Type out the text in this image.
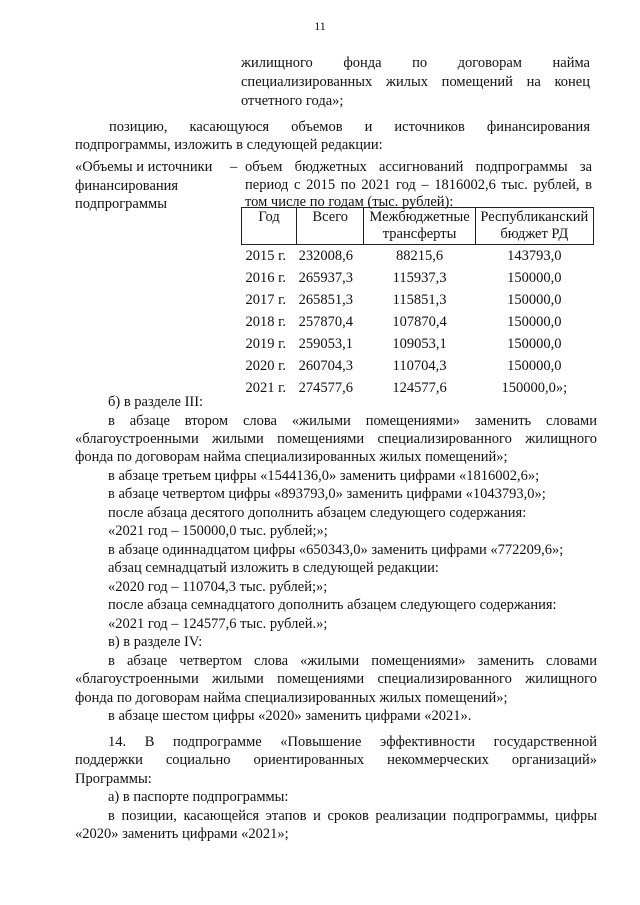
11

жилищного фонда по договорам найма

специализированных жилых помещений на конец

отчетного года»;

позицию, касающуюся объемов и источников финансирования

подпрограммы, изложить в следующей редакции:

«Объемы и источники

финансирования

подпрограммы

– объем бюджетных ассигнований подпрограммы за

период с 2015 по 2021 год – 1816002,6 тыс. рублей, в

том числе по годам (тыс. рублей):

Год	Всего	Межбюджетные трансферты	Республиканский бюджет РД
2015 г.	232008,6	88215,6	143793,0
2016 г.	265937,3	115937,3	150000,0
2017 г.	265851,3	115851,3	150000,0
2018 г.	257870,4	107870,4	150000,0
2019 г.	259053,1	109053,1	150000,0
2020 г.	260704,3	110704,3	150000,0
2021 г.	274577,6	124577,6	150000,0»;

б) в разделе III:

в абзаце втором слова «жилыми помещениями» заменить словами

«благоустроенными жилыми помещениями специализированного жилищного

фонда по договорам найма специализированных жилых помещений»;

в абзаце третьем цифры «1544136,0» заменить цифрами «1816002,6»;

в абзаце четвертом цифры «893793,0» заменить цифрами «1043793,0»;

после абзаца десятого дополнить абзацем следующего содержания:

«2021 год – 150000,0 тыс. рублей;»;

в абзаце одиннадцатом цифры «650343,0» заменить цифрами «772209,6»;

абзац семнадцатый изложить в следующей редакции:

«2020 год – 110704,3 тыс. рублей;»;

после абзаца семнадцатого дополнить абзацем следующего содержания:

«2021 год – 124577,6 тыс. рублей.»;

в) в разделе IV:

в абзаце четвертом слова «жилыми помещениями» заменить словами

«благоустроенными жилыми помещениями специализированного жилищного

фонда по договорам найма специализированных жилых помещений»;

в абзаце шестом цифры «2020» заменить цифрами «2021».

14. В подпрограмме «Повышение эффективности государственной

поддержки социально ориентированных некоммерческих организаций»

Программы:

а) в паспорте подпрограммы:

в позиции, касающейся этапов и сроков реализации подпрограммы, цифры

«2020» заменить цифрами «2021»;
